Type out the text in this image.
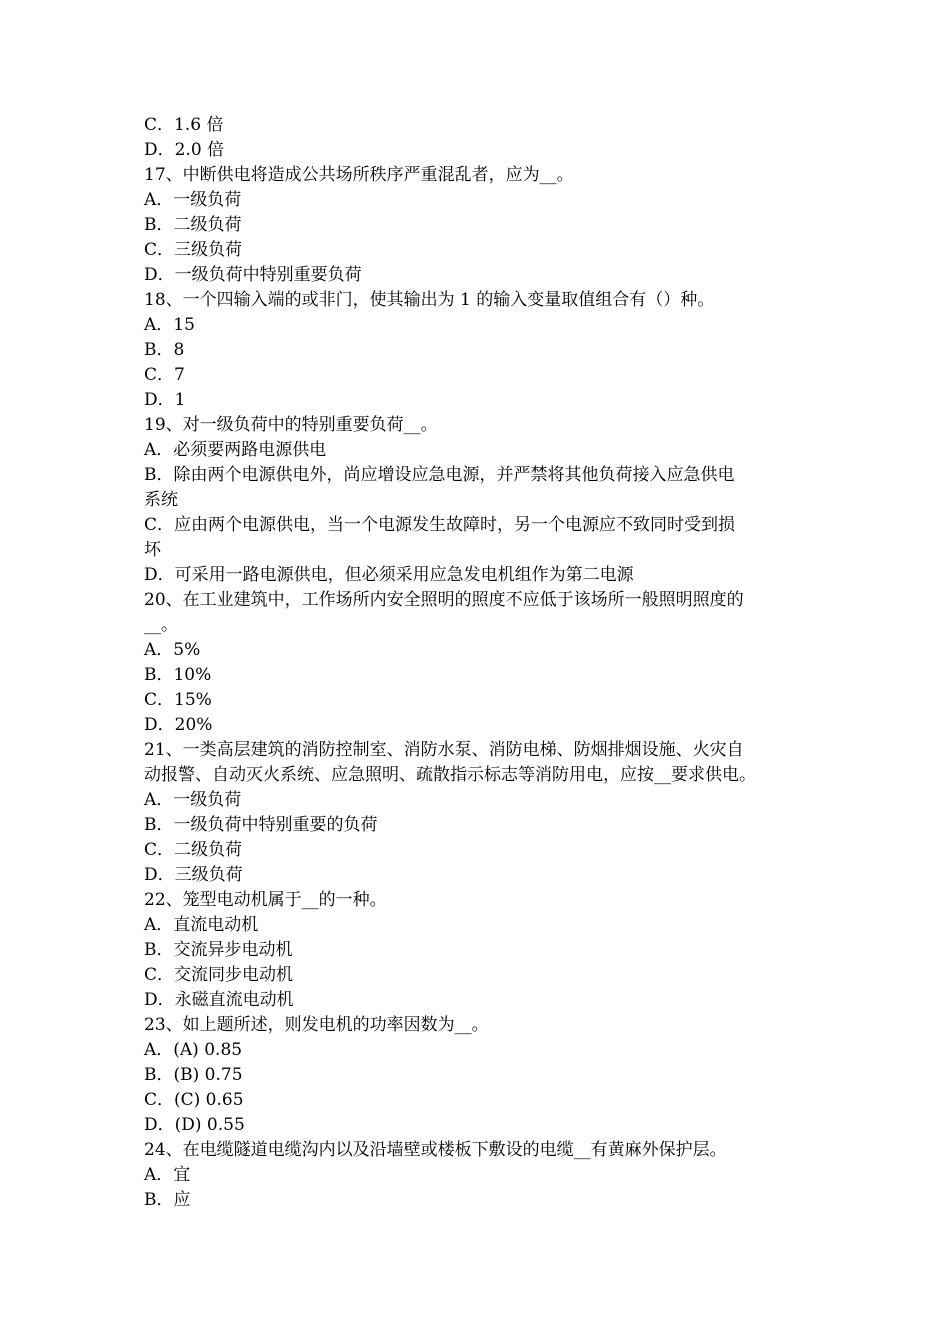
C．1.6 倍
D．2.0 倍
17、中断供电将造成公共场所秩序严重混乱者，应为__。
A．一级负荷
B．二级负荷
C．三级负荷
D．一级负荷中特别重要负荷
18、一个四输入端的或非门，使其输出为 1 的输入变量取值组合有（）种。
A．15
B．8
C．7
D．1
19、对一级负荷中的特别重要负荷__。
A．必须要两路电源供电
B．除由两个电源供电外，尚应增设应急电源，并严禁将其他负荷接入应急供电
系统
C．应由两个电源供电，当一个电源发生故障时，另一个电源应不致同时受到损
坏
D．可采用一路电源供电，但必须采用应急发电机组作为第二电源
20、在工业建筑中，工作场所内安全照明的照度不应低于该场所一般照明照度的
__。
A．5%
B．10%
C．15%
D．20%
21、一类高层建筑的消防控制室、消防水泵、消防电梯、防烟排烟设施、火灾自
动报警、自动灭火系统、应急照明、疏散指示标志等消防用电，应按__要求供电。
A．一级负荷
B．一级负荷中特别重要的负荷
C．二级负荷
D．三级负荷
22、笼型电动机属于__的一种。
A．直流电动机
B．交流异步电动机
C．交流同步电动机
D．永磁直流电动机
23、如上题所述，则发电机的功率因数为__。
A．(A) 0.85
B．(B) 0.75
C．(C) 0.65
D．(D) 0.55
24、在电缆隧道电缆沟内以及沿墙壁或楼板下敷设的电缆__有黄麻外保护层。
A．宜
B．应
